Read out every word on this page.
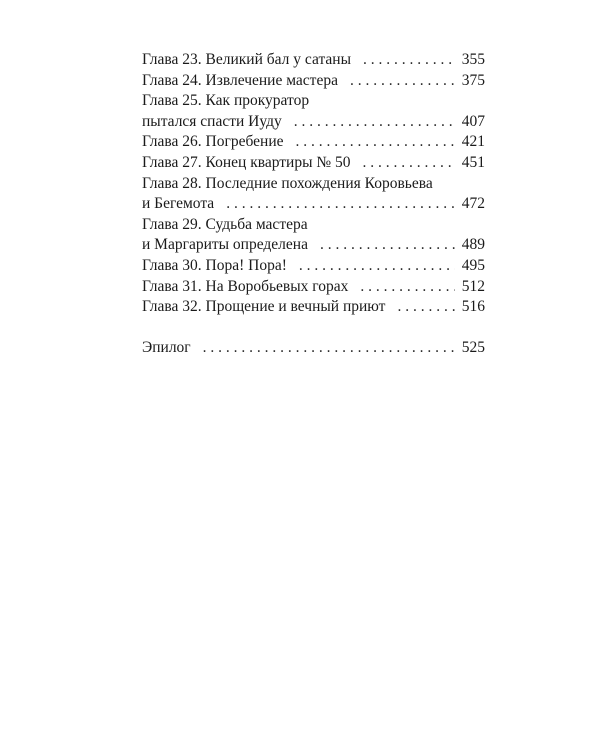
Глава 23. Великий бал у сатаны . . .	355
Глава 24. Извлечение мастера . . .	375
Глава 25. Как прокуратор
пытался спасти Иуду . . .	407
Глава 26. Погребение . . .	421
Глава 27. Конец квартиры № 50 . . .	451
Глава 28. Последние похождения Коровьева
и Бегемота . . .	472
Глава 29. Судьба мастера
и Маргариты определена . . .	489
Глава 30. Пора! Пора! . . .	495
Глава 31. На Воробьевых горах . . .	512
Глава 32. Прощение и вечный приют . . .	516
Эпилог . . .	525
